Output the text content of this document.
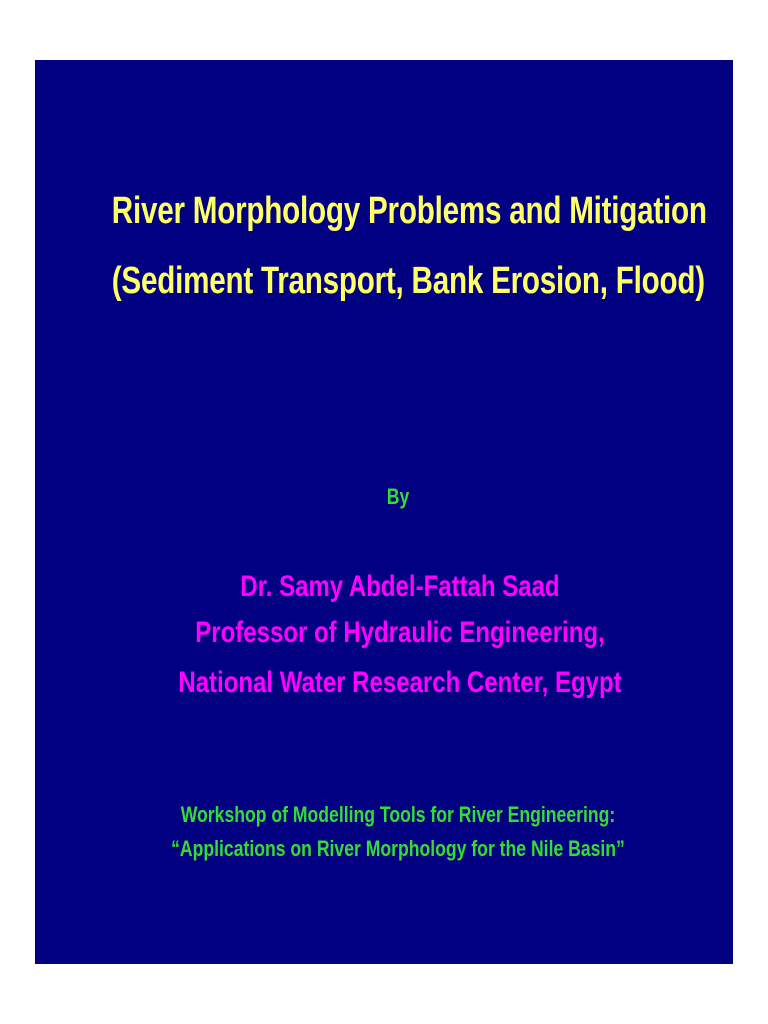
River Morphology Problems and Mitigation
(Sediment Transport, Bank Erosion, Flood)
By
Dr. Samy Abdel-Fattah Saad
Professor of Hydraulic Engineering,
National Water Research Center, Egypt
Workshop of Modelling Tools for River Engineering:
“Applications on River Morphology for the Nile Basin”
